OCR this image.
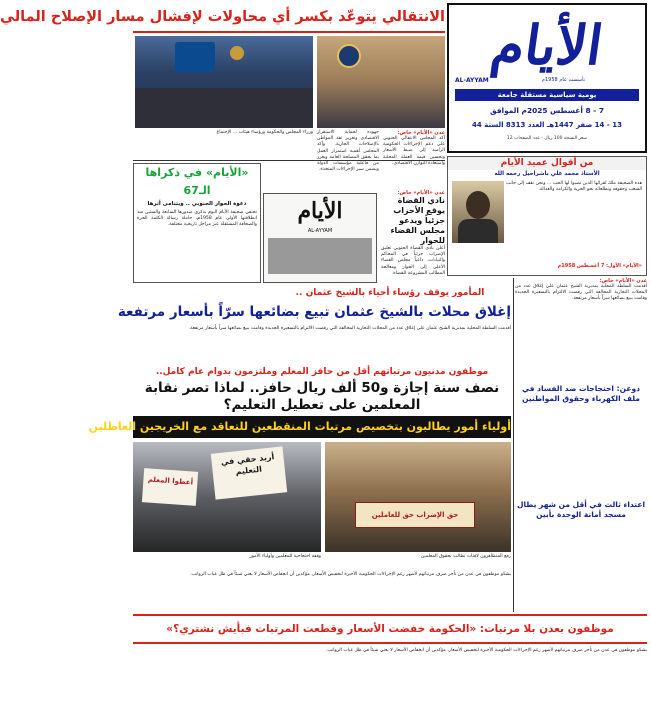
الانتقالي يتوعّد بكسر أي محاولات لإفشال مسار الإصلاح المالي
وزراء المجلس والحكومة ورؤساء هيئات ... الإجتماع جهوده لحماية الاستقرار الاقتصادي وتعزيز ثقة المواطن بالإصلاحات الجارية. وأكد المجلس أهمية استمرار العمل بما يحقق المصلحة العامة ويعزز من فاعلية مؤسسات الدولة ويضمن سير الإجراءات المتخذة.
عدن «الأيام» خاص:
أكد المجلس الانتقالي الجنوبي على دعم الإجراءات الحكومية الرامية إلى ضبط الأسعار وتحسين قيمة العملة المحلية واستعادة التوازن الاقتصادي.
الأيام
AL-AYYAM	تأسست عام 1958م
يومية سياسية مستقلة جامعة
7 - 8 أغسطس 2025م الموافق
13 - 14 صفر 1447هـ العدد 8313 السنة 44
سعر النسخة 100 ريال - عدد الصفحات 12
من أقوال عميد الأيام
الأستاذ محمد علي باشراحيل رحمه الله
هذه الصحيفة ملك لقرائها الذين نصبوا لها الحب ... ونحن نقف إلى جانب الشعب وحقوقه وتطلعاته نحو الحرية والكرامة والعدالة.
«الأيام» الأول: 7 أغسطس 1958م
«الأيام» في ذكراها الـ67
دعوة الحوار الجنوبي .. ويتنامى أثرها
تحتفي صحيفة الأيام اليوم بذكرى صدورها السابعة والستين منذ انطلاقتها الأولى عام 1958م، حاملة رسالة الكلمة الحرة والصحافة المستقلة عبر مراحل تاريخية مختلفة.
الأيام
AL-AYYAM
عدن «الأيام» خاص:
نادي القضاة يوقع الأحزاب جزئياً ويدعو مجلس القضاء للحوار
أعلن نادي القضاة الجنوبي تعليق الإضراب جزئياً في المحاكم والنيابات، داعياً مجلس القضاء الأعلى إلى الحوار ومعالجة المطالب المشروعة للقضاة.
المأمور يوقف رؤساء أحياء بالشيخ عثمان ..
إغلاق محلات بالشيخ عثمان تبيع بضائعها سرّاً بأسعار مرتفعة
أقدمت السلطة المحلية بمديرية الشيخ عثمان على إغلاق عدد من المحلات التجارية المخالفة التي رفضت الالتزام بالتسعيرة الجديدة وقامت ببيع بضائعها سراً بأسعار مرتفعة.
عدن «الأيام» خاص:
أقدمت السلطة المحلية بمديرية الشيخ عثمان على إغلاق عدد من المحلات التجارية المخالفة التي رفضت الالتزام بالتسعيرة الجديدة وقامت ببيع بضائعها سراً بأسعار مرتفعة.
موظفون مدنيون مرتباتهم أقل من حافز المعلم وملتزمون بدوام عام كامل..
نصف سنة إجازة و50 ألف ريال حافز.. لماذا تصر نقابة المعلمين على تعطيل التعليم؟
أولياء أمور يطالبون بتخصيص مرتبات المنقطعين للتعاقد مع الخريجين العاطلين
دوعن: احتجاجات ضد الفساد في ملف الكهرباء وحقوق المواطنين
اعتداء ثالث في أقل من شهر يطال مسجد أمانة الوحدة بأبين
أريد حقي في التعليم
أعطوا المعلم
وقفة احتجاجية للمعلمين وأولياء الأمور
حق الإضراب حق للعاملين
رفع المتظاهرون لافتات تطالب بحقوق المعلمين
يشكو موظفون في عدن من تأخر صرف مرتباتهم لأشهر رغم الإجراءات الحكومية الأخيرة لتخفيض الأسعار، مؤكدين أن انخفاض الأسعار لا يعني شيئاً في ظل غياب الرواتب.
موظفون بعدن بلا مرتبات: «الحكومة خفضت الأسعار وقطعت المرتبات فبأيش نشتري؟»
يشكو موظفون في عدن من تأخر صرف مرتباتهم لأشهر رغم الإجراءات الحكومية الأخيرة لتخفيض الأسعار، مؤكدين أن انخفاض الأسعار لا يعني شيئاً في ظل غياب الرواتب.
